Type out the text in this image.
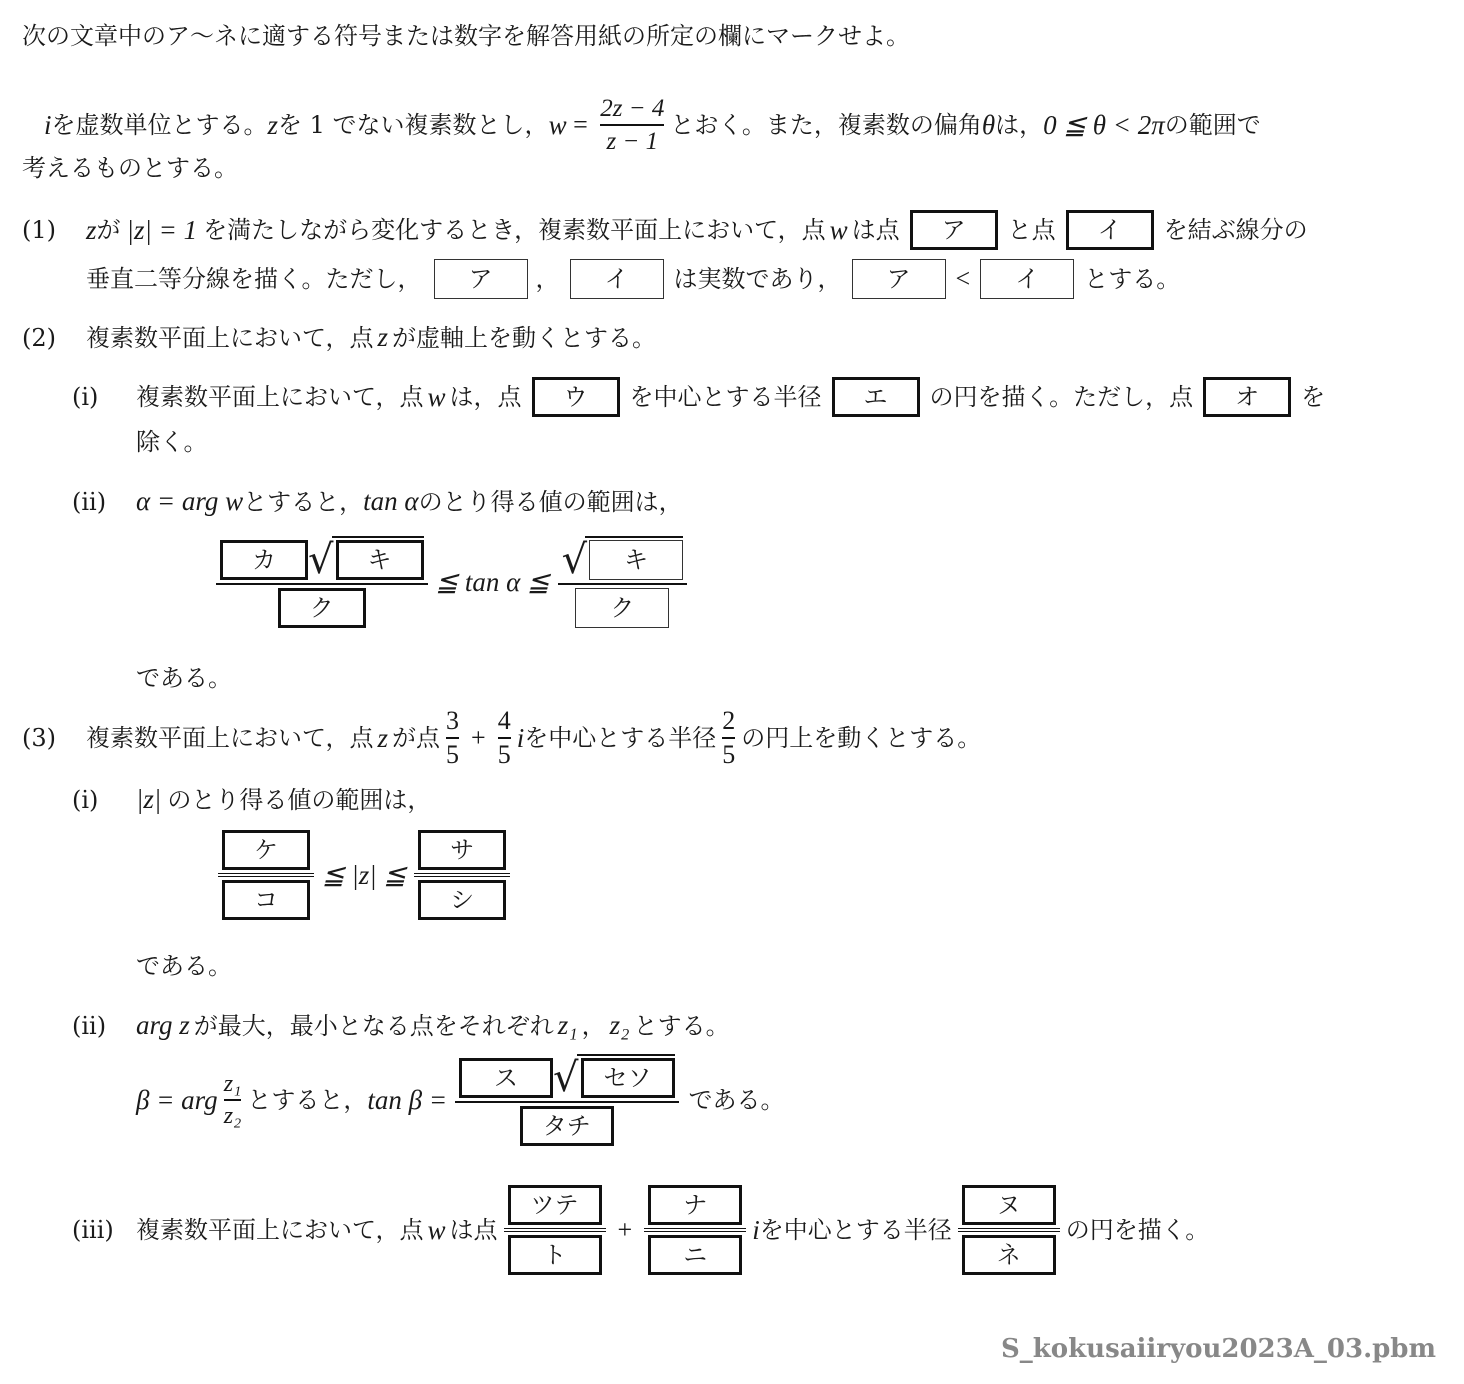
次の文章中のア～ネに適する符号または数字を解答用紙の所定の欄にマークせよ。
i を虚数単位とする。 z を 1 でない複素数とし， $w = \frac{2z - 4}{z - 1}$ とおく。また，複素数の偏角 θ は， 0 ≦ θ < 2π の範囲で
考えるものとする。
(1)	z が |z| = 1 を満たしながら変化するとき，複素数平面上において，点 w は点	ア	と点	イ	を結ぶ線分の
垂直二等分線を描く。ただし，	ア	，	イ	は実数であり，	ア	<	イ	とする。
(2)	複素数平面上において，点 z が虚軸上を動くとする。
(i)	複素数平面上において，点 w は，点	ウ	を中心とする半径	エ	の円を描く。ただし，点	オ	を
除く。
(ii)	α = arg w とすると， tan α のとり得る値の範囲は，
カ √	キ
ク ≦ tan α ≦ √	キ
ク
である。
(3)	複素数平面上において，点 z が点 $\frac{3}{5} + \frac{4}{5}$ i を中心とする半径 $\frac{2}{5}$ の円上を動くとする。
(i)	|z| のとり得る値の範囲は，
$\frac{\text{ケ}}{\text{コ}}$ ≦ |z| ≦ $\frac{\text{サ}}{\text{シ}}$
である。
(ii)	arg z が最大，最小となる点をそれぞれ z₁ ， z₂ とする。
β = arg $\frac{\text{z₁}}{\text{z₂}}$ とすると， tan β = ス √	セソ
タチ である。
(iii) 複素数平面上において，点 w は点 $\frac{\text{ツテ}}{\text{ト}} + \frac{\text{ナ}}{\text{ニ}}$ i を中心とする半径 $\frac{\text{ヌ}}{\text{ネ}}$ の円を描く。
S_kokusaiiryou2023A_03.pbm
